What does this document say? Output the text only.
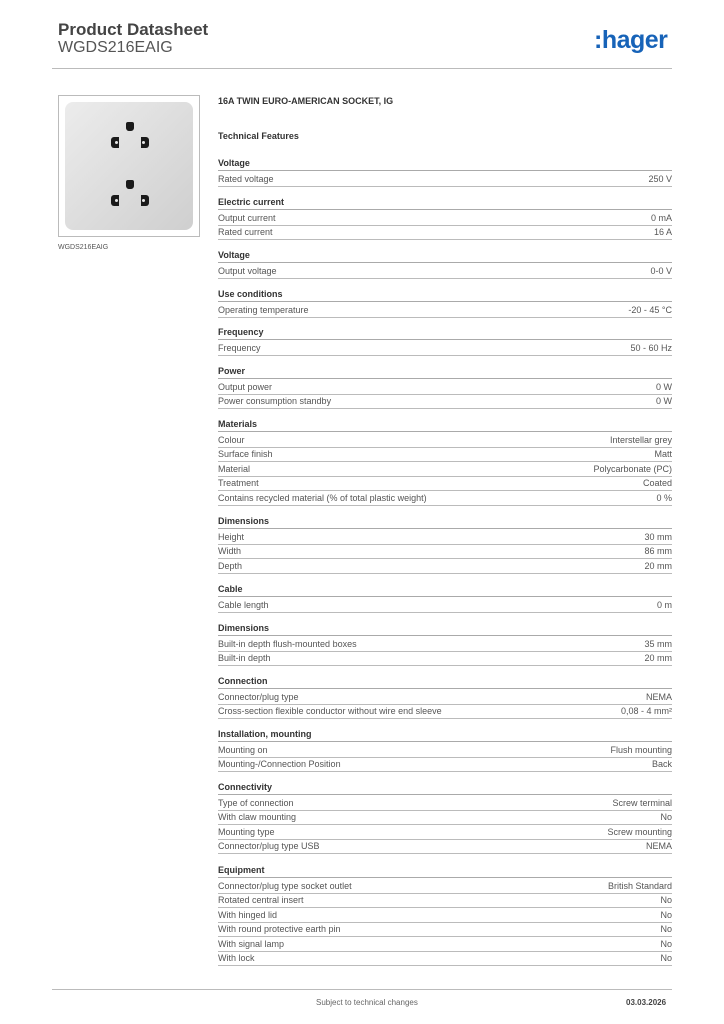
Product Datasheet
WGDS216EAIG	:hager
WGDS216EAIG
16A TWIN EURO-AMERICAN SOCKET, IG
Technical Features
Voltage
Rated voltage	250 V
Electric current
Output current	0 mA
Rated current	16 A
Voltage
Output voltage	0-0 V
Use conditions
Operating temperature	-20 - 45 °C
Frequency
Frequency	50 - 60 Hz
Power
Output power	0 W
Power consumption standby	0 W
Materials
Colour	Interstellar grey
Surface finish	Matt
Material	Polycarbonate (PC)
Treatment	Coated
Contains recycled material (% of total plastic weight)	0 %
Dimensions
Height	30 mm
Width	86 mm
Depth	20 mm
Cable
Cable length	0 m
Dimensions
Built-in depth flush-mounted boxes	35 mm
Built-in depth	20 mm
Connection
Connector/plug type	NEMA
Cross-section flexible conductor without wire end sleeve	0,08 - 4 mm²
Installation, mounting
Mounting on	Flush mounting
Mounting-/Connection Position	Back
Connectivity
Type of connection	Screw terminal
With claw mounting	No
Mounting type	Screw mounting
Connector/plug type USB	NEMA
Equipment
Connector/plug type socket outlet	British Standard
Rotated central insert	No
With hinged lid	No
With round protective earth pin	No
With signal lamp	No
With lock	No
Subject to technical changes	03.03.2026
